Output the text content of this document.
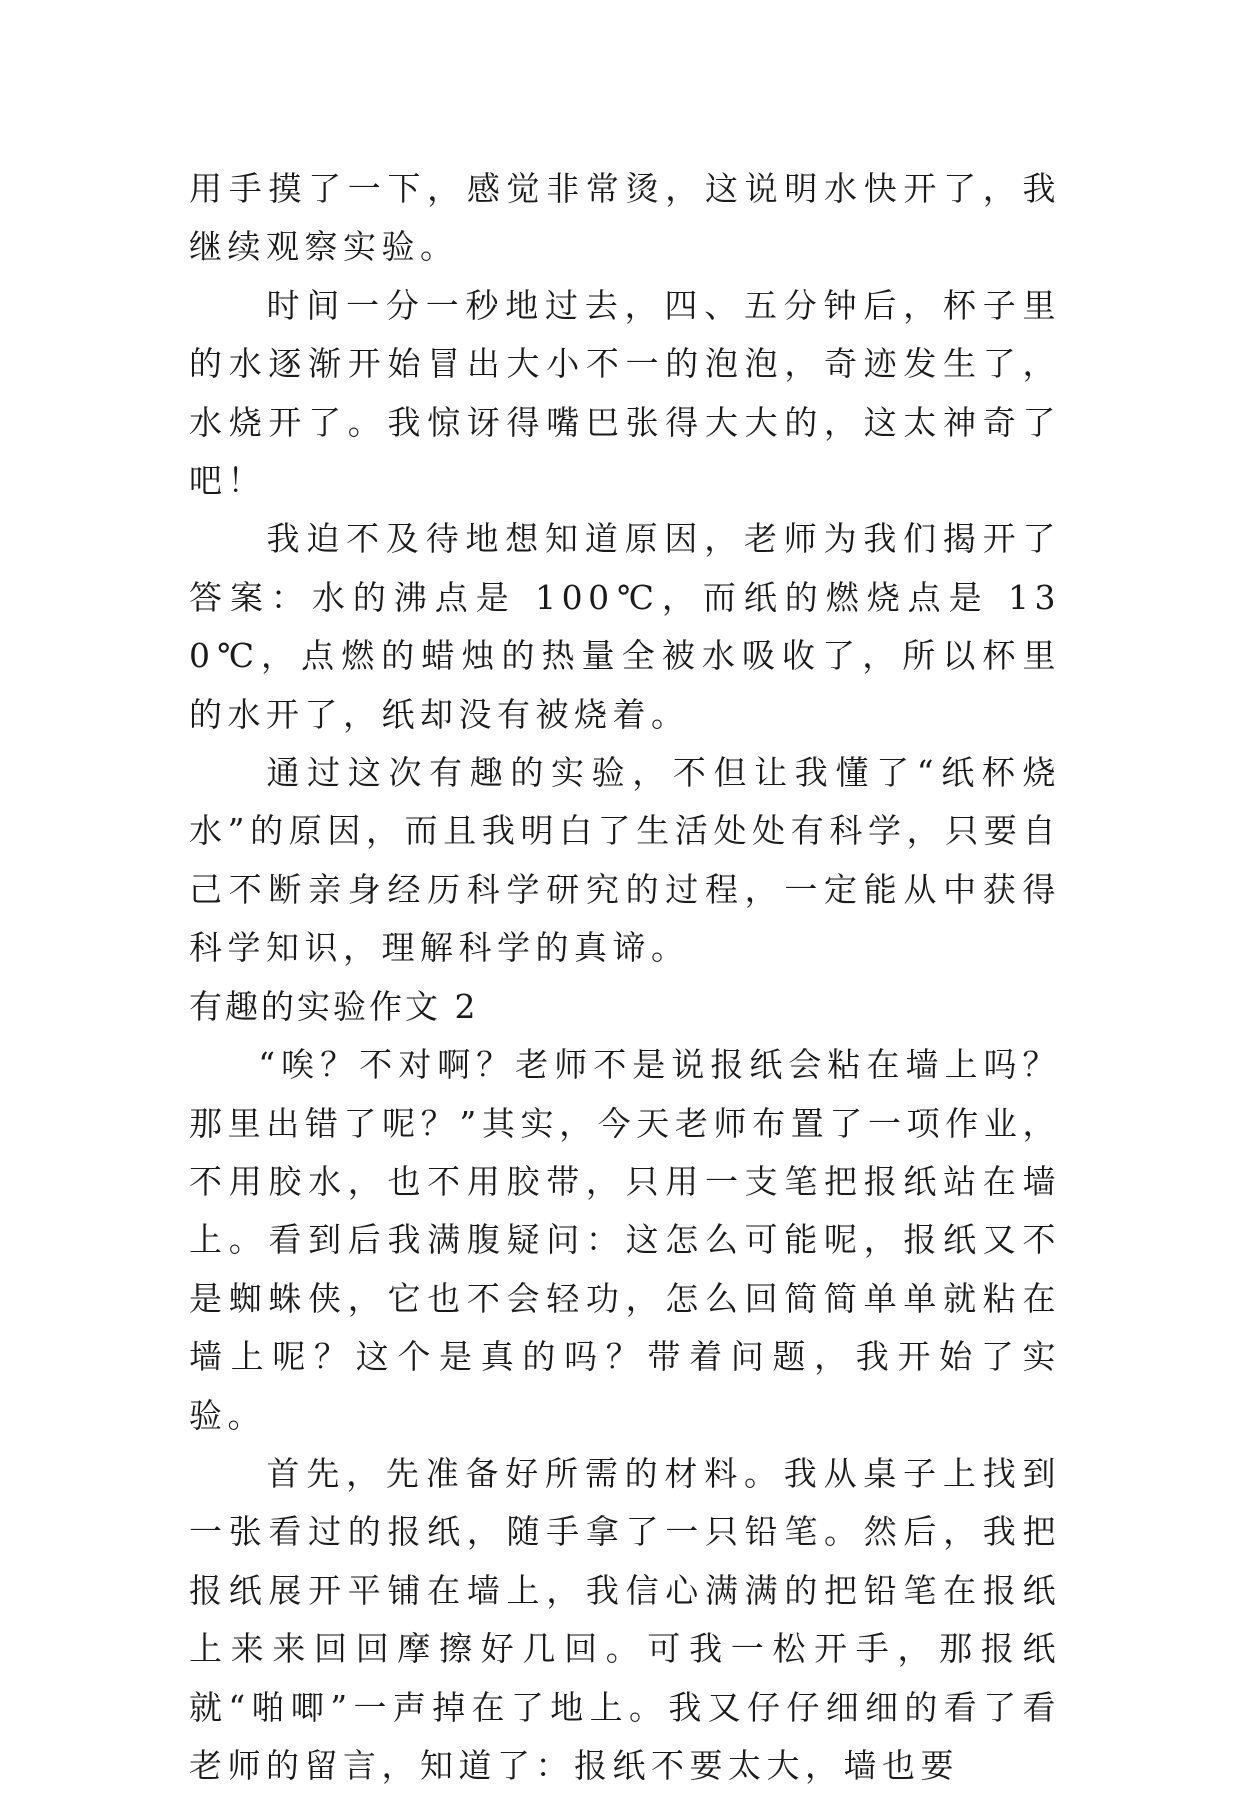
用手摸了一下，感觉非常烫，这说明水快开了，我继续观察实验。

时间一分一秒地过去，四、五分钟后，杯子里的水逐渐开始冒出大小不一的泡泡，奇迹发生了，水烧开了。我惊讶得嘴巴张得大大的，这太神奇了吧！

我迫不及待地想知道原因，老师为我们揭开了答案：水的沸点是 100℃，而纸的燃烧点是 130℃，点燃的蜡烛的热量全被水吸收了，所以杯里的水开了，纸却没有被烧着。

通过这次有趣的实验，不但让我懂了“纸杯烧水”的原因，而且我明白了生活处处有科学，只要自己不断亲身经历科学研究的过程，一定能从中获得科学知识，理解科学的真谛。

有趣的实验作文 2

“唉？不对啊？老师不是说报纸会粘在墙上吗？那里出错了呢？”其实，今天老师布置了一项作业，不用胶水，也不用胶带，只用一支笔把报纸站在墙上。看到后我满腹疑问：这怎么可能呢，报纸又不是蜘蛛侠，它也不会轻功，怎么回简简单单就粘在墙上呢？这个是真的吗？带着问题，我开始了实验。

首先，先准备好所需的材料。我从桌子上找到一张看过的报纸，随手拿了一只铅笔。然后，我把报纸展开平铺在墙上，我信心满满的把铅笔在报纸上来来回回摩擦好几回。可我一松开手，那报纸就“啪唧”一声掉在了地上。我又仔仔细细的看了看老师的留言，知道了：报纸不要太大，墙也要
